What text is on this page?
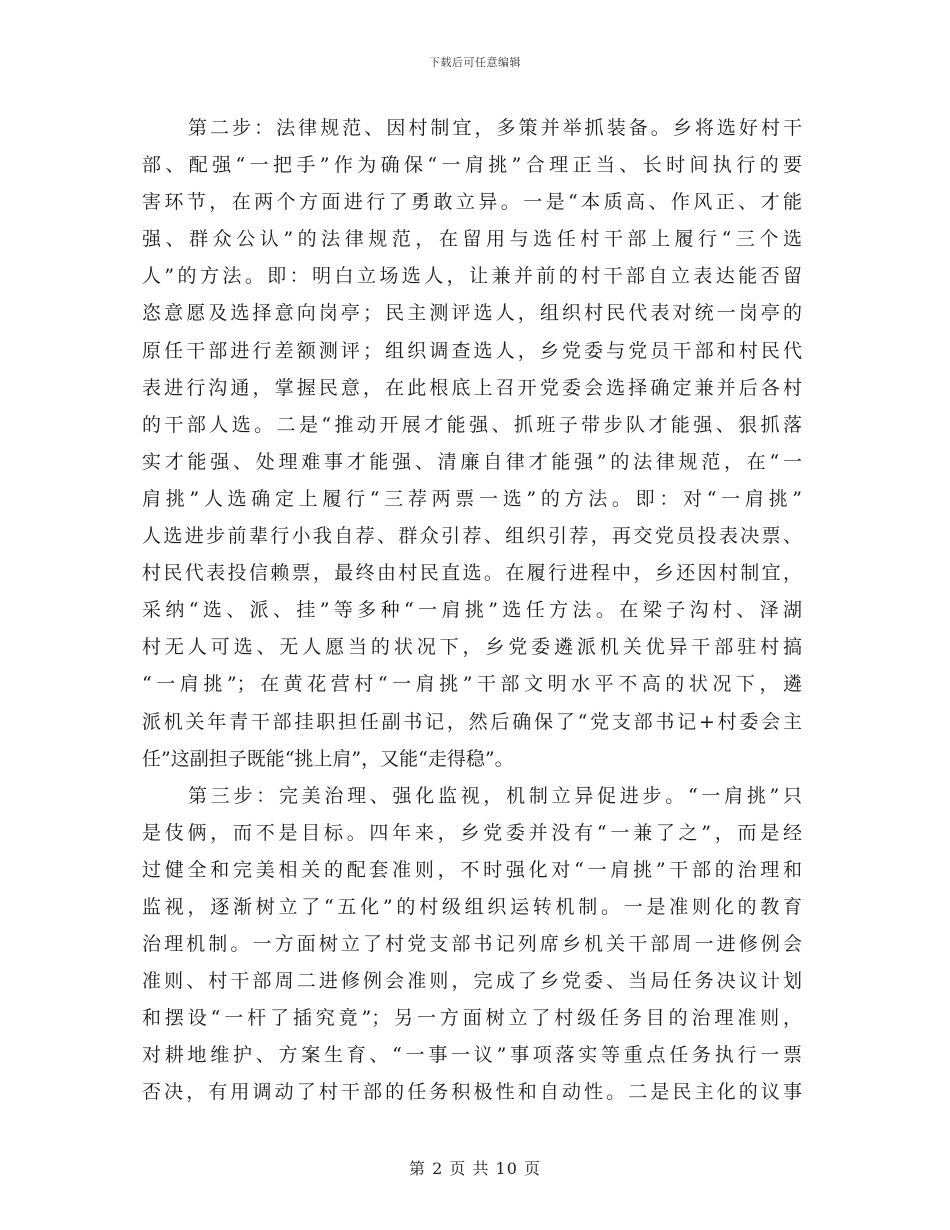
下载后可任意编辑
第二步：法律规范、因村制宜，多策并举抓装备。乡将选好村干
部、配强“一把手”作为确保“一肩挑”合理正当、长时间执行的要
害环节，在两个方面进行了勇敢立异。一是“本质高、作风正、才能
强、群众公认”的法律规范，在留用与选任村干部上履行“三个选
人”的方法。即：明白立场选人，让兼并前的村干部自立表达能否留
恣意愿及选择意向岗亭；民主测评选人，组织村民代表对统一岗亭的
原任干部进行差额测评；组织调查选人，乡党委与党员干部和村民代
表进行沟通，掌握民意，在此根底上召开党委会选择确定兼并后各村
的干部人选。二是“推动开展才能强、抓班子带步队才能强、狠抓落
实才能强、处理难事才能强、清廉自律才能强”的法律规范，在“一
肩挑”人选确定上履行“三荐两票一选”的方法。即：对“一肩挑”
人选进步前辈行小我自荐、群众引荐、组织引荐，再交党员投表决票、
村民代表投信赖票，最终由村民直选。在履行进程中，乡还因村制宜，
采纳“选、派、挂”等多种“一肩挑”选任方法。在梁子沟村、泽湖
村无人可选、无人愿当的状况下，乡党委遴派机关优异干部驻村搞
“一肩挑”；在黄花营村“一肩挑”干部文明水平不高的状况下，遴
派机关年青干部挂职担任副书记，然后确保了“党支部书记+村委会主
任”这副担子既能“挑上肩”，又能“走得稳”。
第三步：完美治理、强化监视，机制立异促进步。“一肩挑”只
是伎俩，而不是目标。四年来，乡党委并没有“一兼了之”，而是经
过健全和完美相关的配套准则，不时强化对“一肩挑”干部的治理和
监视，逐渐树立了“五化”的村级组织运转机制。一是准则化的教育
治理机制。一方面树立了村党支部书记列席乡机关干部周一进修例会
准则、村干部周二进修例会准则，完成了乡党委、当局任务决议计划
和摆设“一杆了插究竟”；另一方面树立了村级任务目的治理准则，
对耕地维护、方案生育、“一事一议”事项落实等重点任务执行一票
否决，有用调动了村干部的任务积极性和自动性。二是民主化的议事
第 2 页 共 10 页
